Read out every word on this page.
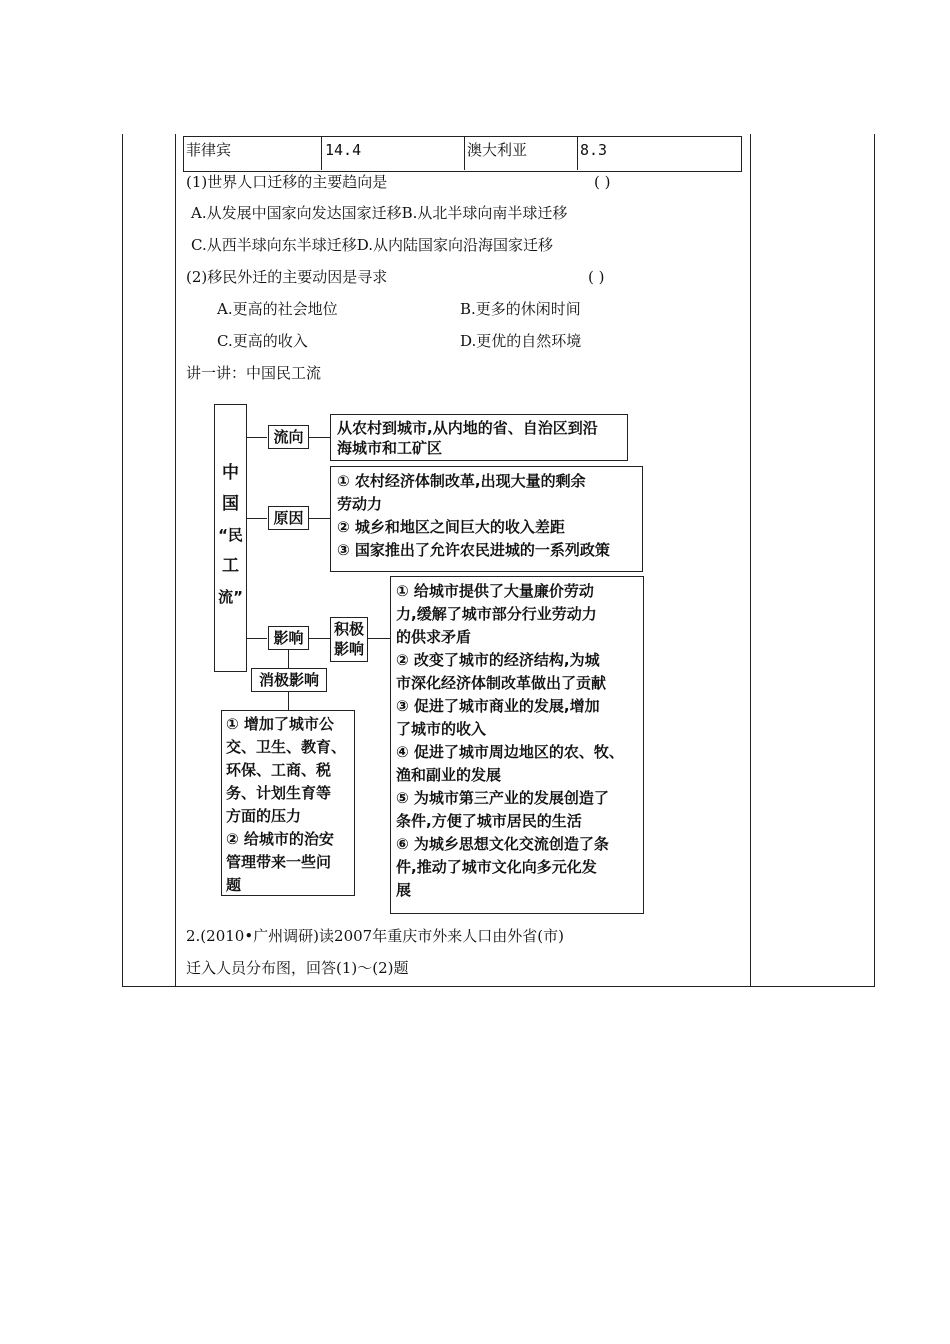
菲律宾	14.4	澳大利亚	8.3
(1)世界人口迁移的主要趋向是	( )
A.从发展中国家向发达国家迁移B.从北半球向南半球迁移
C.从西半球向东半球迁移D.从内陆国家向沿海国家迁移
(2)移民外迁的主要动因是寻求	( )
A.更高的社会地位	B.更多的休闲时间
C.更高的收入	D.更优的自然环境
讲一讲：中国民工流
中
国
“民
工
流”
流向	从农村到城市,从内地的省、自治区到沿
海城市和工矿区
原因
① 农村经济体制改革,出现大量的剩余
劳动力
② 城乡和地区之间巨大的收入差距
③ 国家推出了允许农民进城的一系列政策
影响	积极
影响
① 给城市提供了大量廉价劳动
力,缓解了城市部分行业劳动力
的供求矛盾
② 改变了城市的经济结构,为城
市深化经济体制改革做出了贡献
③ 促进了城市商业的发展,增加
了城市的收入
④ 促进了城市周边地区的农、牧、
渔和副业的发展
⑤ 为城市第三产业的发展创造了
条件,方便了城市居民的生活
⑥ 为城乡思想文化交流创造了条
件,推动了城市文化向多元化发
展
消极影响
① 增加了城市公
交、卫生、教育、
环保、工商、税
务、计划生育等
方面的压力
② 给城市的治安
管理带来一些问
题
2.(2010•广州调研)读2007年重庆市外来人口由外省(市)
迁入人员分布图，回答(1)～(2)题
